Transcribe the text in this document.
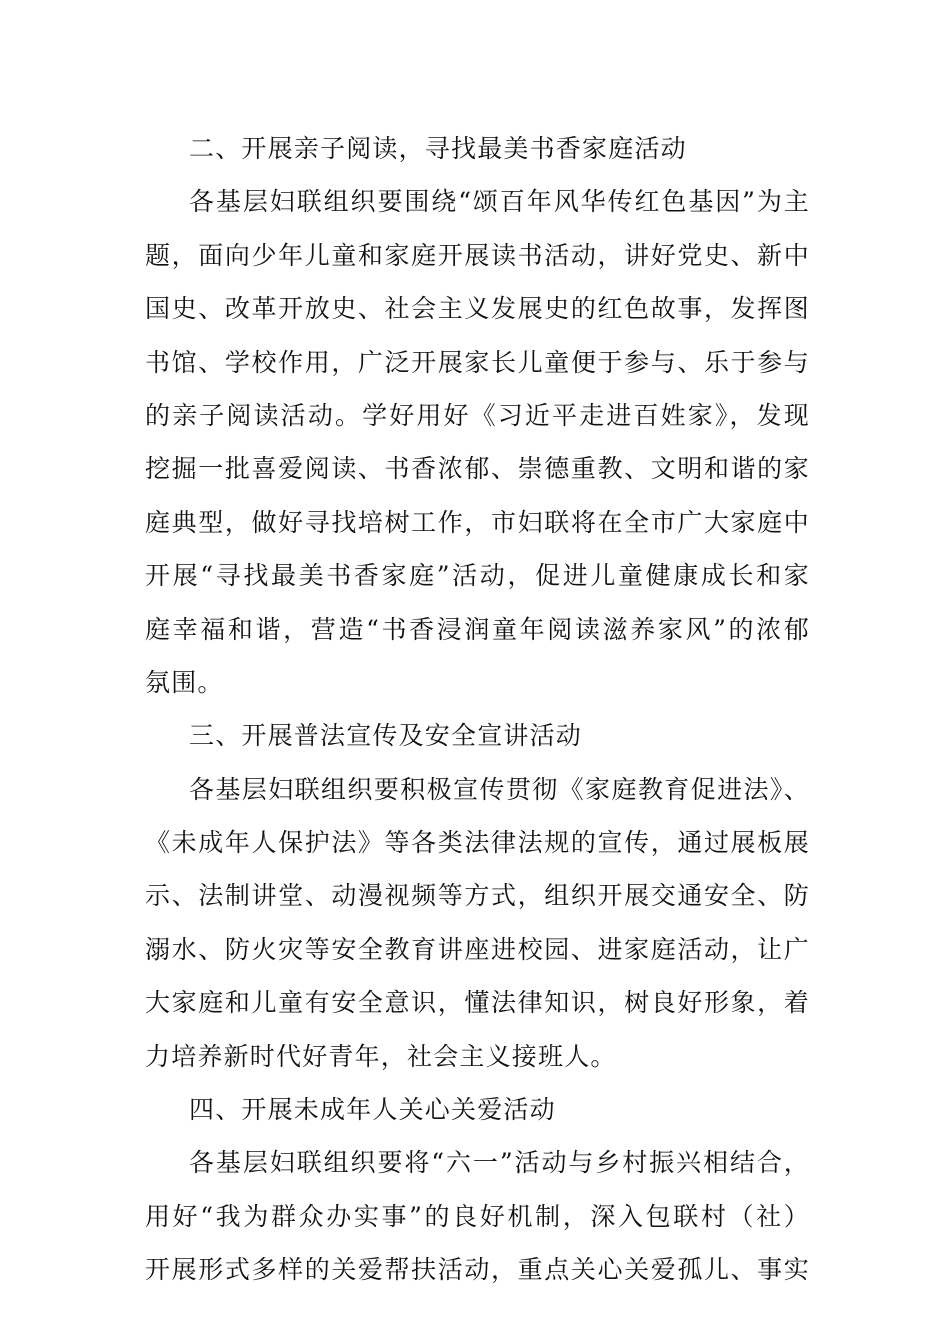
二、开展亲子阅读，寻找最美书香家庭活动
各基层妇联组织要围绕“颂百年风华传红色基因”为主
题，面向少年儿童和家庭开展读书活动，讲好党史、新中
国史、改革开放史、社会主义发展史的红色故事，发挥图
书馆、学校作用，广泛开展家长儿童便于参与、乐于参与
的亲子阅读活动。学好用好《习近平走进百姓家》，发现
挖掘一批喜爱阅读、书香浓郁、崇德重教、文明和谐的家
庭典型，做好寻找培树工作，市妇联将在全市广大家庭中
开展“寻找最美书香家庭”活动，促进儿童健康成长和家
庭幸福和谐，营造“书香浸润童年阅读滋养家风”的浓郁
氛围。
三、开展普法宣传及安全宣讲活动
各基层妇联组织要积极宣传贯彻《家庭教育促进法》、
《未成年人保护法》等各类法律法规的宣传，通过展板展
示、法制讲堂、动漫视频等方式，组织开展交通安全、防
溺水、防火灾等安全教育讲座进校园、进家庭活动，让广
大家庭和儿童有安全意识，懂法律知识，树良好形象，着
力培养新时代好青年，社会主义接班人。
四、开展未成年人关心关爱活动
各基层妇联组织要将“六一”活动与乡村振兴相结合，
用好“我为群众办实事”的良好机制，深入包联村（社）
开展形式多样的关爱帮扶活动，重点关心关爱孤儿、事实
